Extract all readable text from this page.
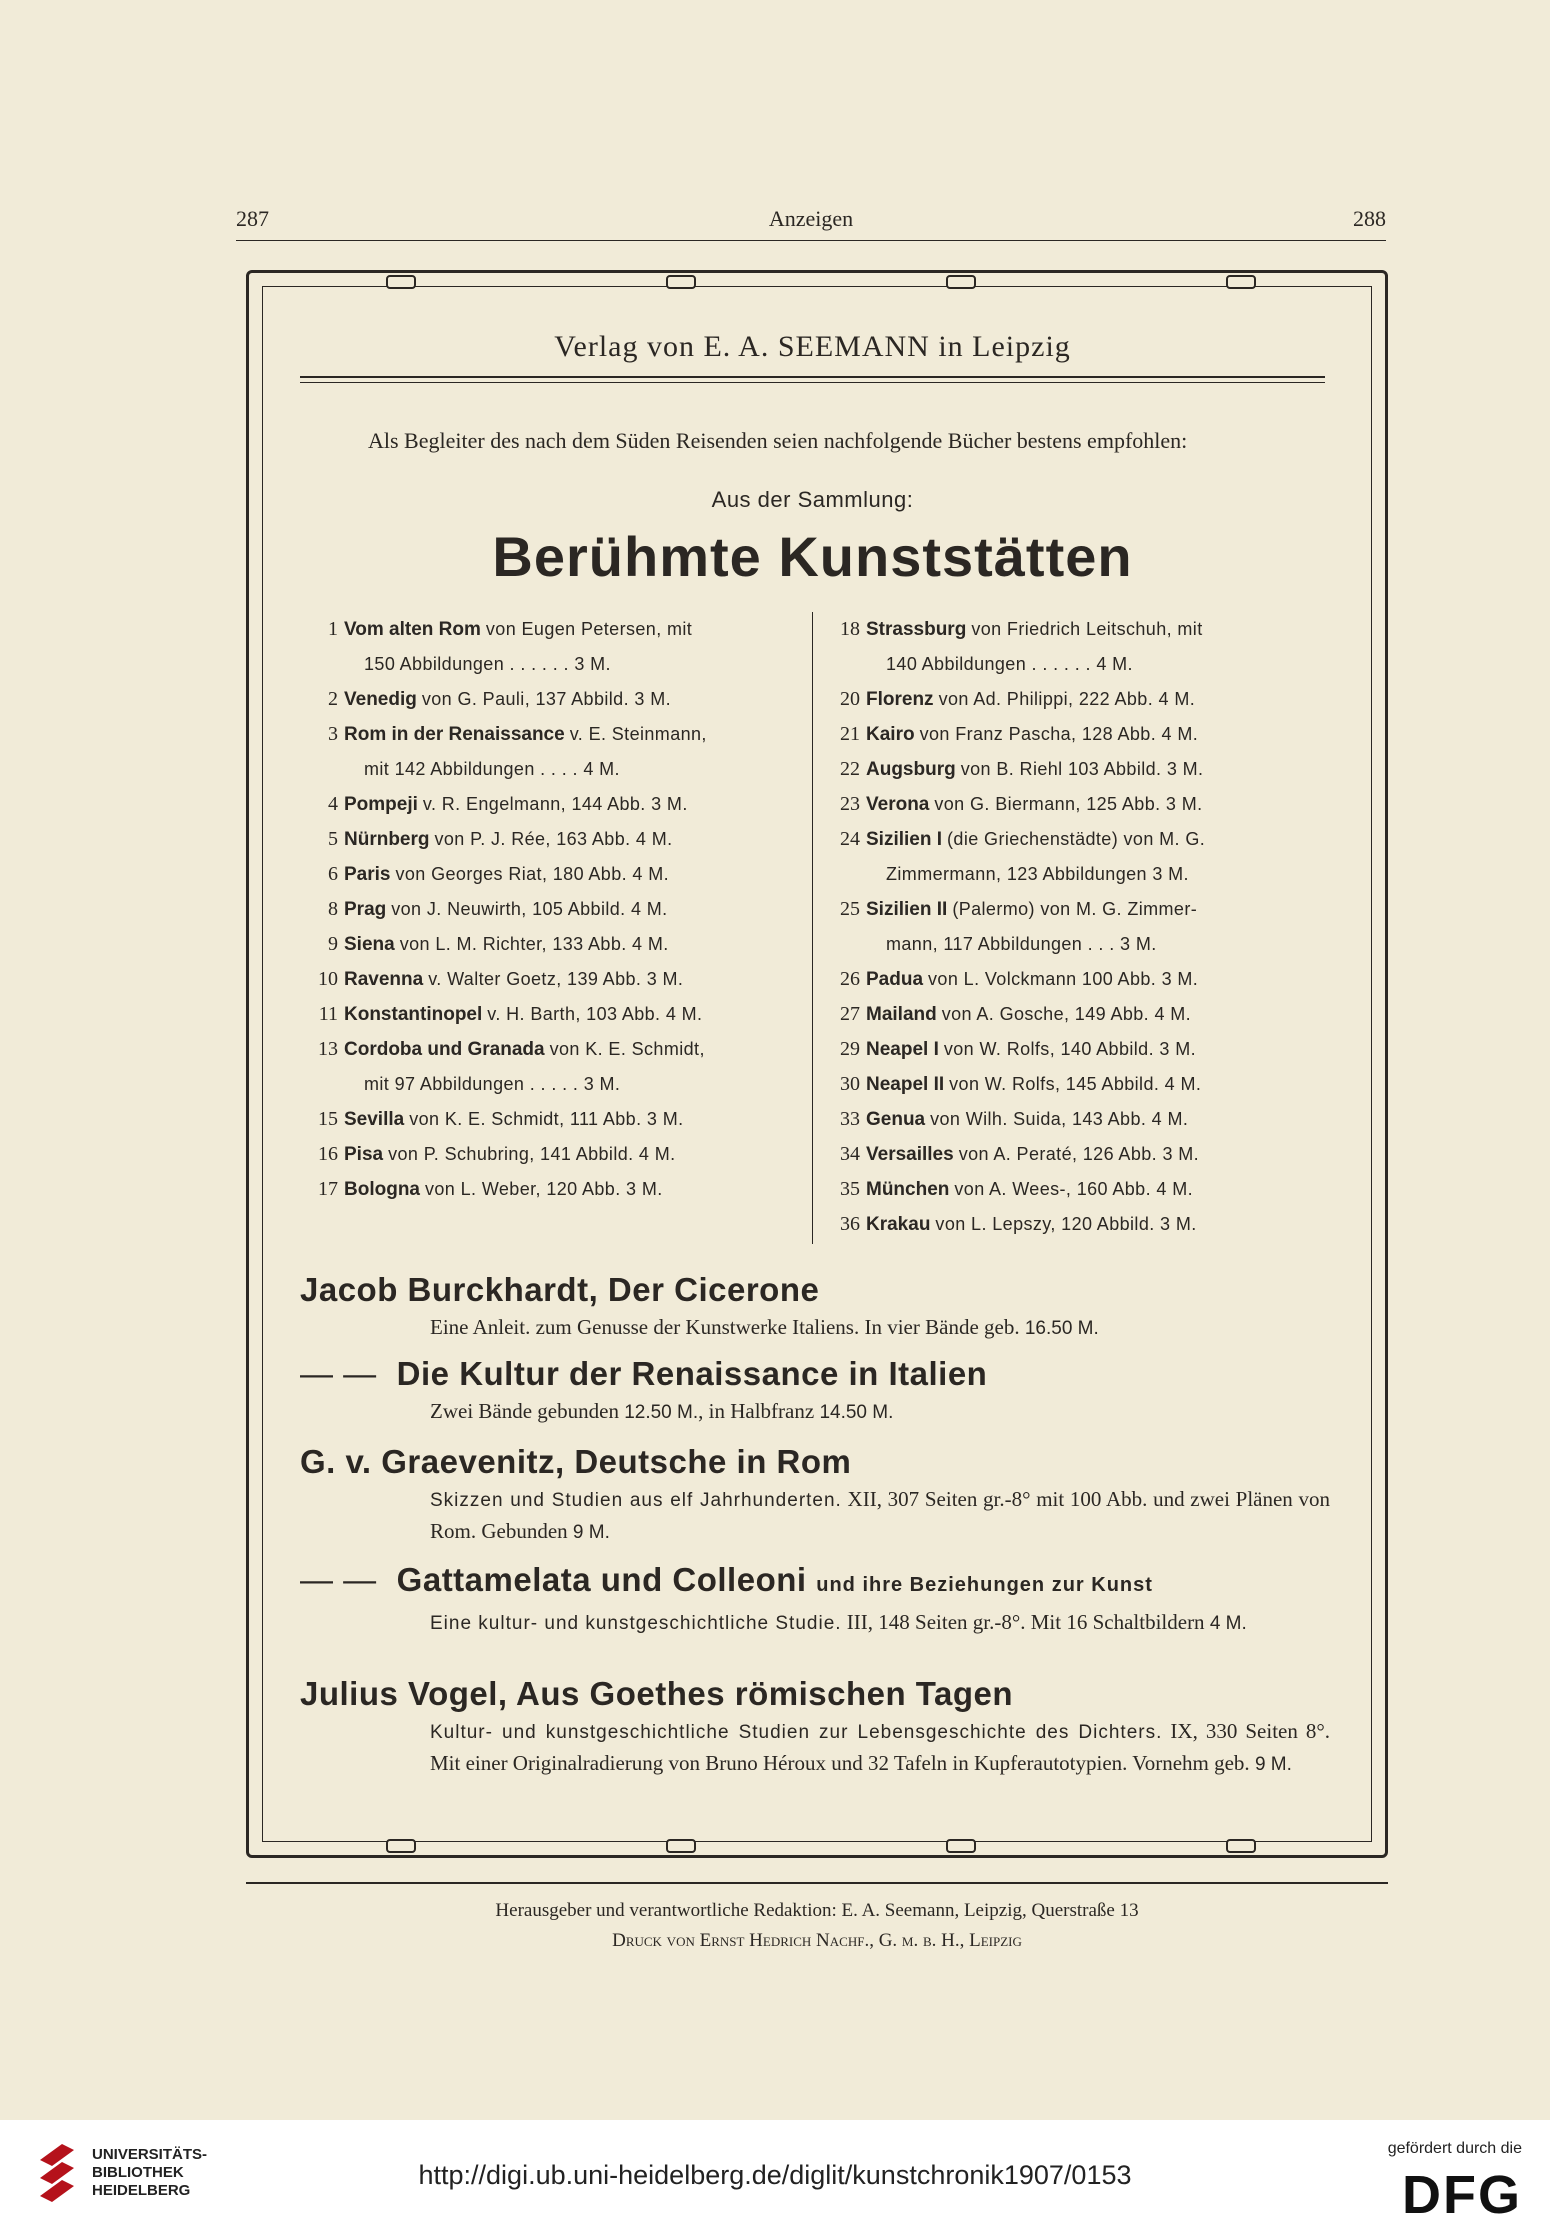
287	Anzeigen	288
Verlag von E. A. SEEMANN in Leipzig
Als Begleiter des nach dem Süden Reisenden seien nachfolgende Bücher bestens empfohlen:
Aus der Sammlung:
Berühmte Kunststätten
1 Vom alten Rom von Eugen Petersen, mit
150 Abbildungen . . . . . . 3 M.
2 Venedig von G. Pauli, 137 Abbild. 3 M.
3 Rom in der Renaissance v. E. Steinmann,
mit 142 Abbildungen . . . . 4 M.
4 Pompeji v. R. Engelmann, 144 Abb. 3 M.
5 Nürnberg von P. J. Rée, 163 Abb. 4 M.
6 Paris von Georges Riat, 180 Abb. 4 M.
8 Prag von J. Neuwirth, 105 Abbild. 4 M.
9 Siena von L. M. Richter, 133 Abb. 4 M.
10 Ravenna v. Walter Goetz, 139 Abb. 3 M.
11 Konstantinopel v. H. Barth, 103 Abb. 4 M.
13 Cordoba und Granada von K. E. Schmidt,
mit 97 Abbildungen . . . . . 3 M.
15 Sevilla von K. E. Schmidt, 111 Abb. 3 M.
16 Pisa von P. Schubring, 141 Abbild. 4 M.
17 Bologna von L. Weber, 120 Abb. 3 M.
18 Strassburg von Friedrich Leitschuh, mit
140 Abbildungen . . . . . . 4 M.
20 Florenz von Ad. Philippi, 222 Abb. 4 M.
21 Kairo von Franz Pascha, 128 Abb. 4 M.
22 Augsburg von B. Riehl 103 Abbild. 3 M.
23 Verona von G. Biermann, 125 Abb. 3 M.
24 Sizilien I (die Griechenstädte) von M. G.
Zimmermann, 123 Abbildungen 3 M.
25 Sizilien II (Palermo) von M. G. Zimmer-
mann, 117 Abbildungen . . . 3 M.
26 Padua von L. Volckmann 100 Abb. 3 M.
27 Mailand von A. Gosche, 149 Abb. 4 M.
29 Neapel I von W. Rolfs, 140 Abbild. 3 M.
30 Neapel II von W. Rolfs, 145 Abbild. 4 M.
33 Genua von Wilh. Suida, 143 Abb. 4 M.
34 Versailles von A. Peraté, 126 Abb. 3 M.
35 München von A. Wees-, 160 Abb. 4 M.
36 Krakau von L. Lepszy, 120 Abbild. 3 M.
Jacob Burckhardt, Der Cicerone
Eine Anleit. zum Genusse der Kunstwerke Italiens. In vier Bände geb. 16.50 M.
— — Die Kultur der Renaissance in Italien
Zwei Bände gebunden 12.50 M., in Halbfranz 14.50 M.
G. v. Graevenitz, Deutsche in Rom
Skizzen und Studien aus elf Jahrhunderten. XII, 307 Seiten gr.-8° mit 100 Abb. und zwei Plänen von Rom. Gebunden 9 M.
— — Gattamelata und Colleoni und ihre Beziehungen zur Kunst
Eine kultur- und kunstgeschichtliche Studie. III, 148 Seiten gr.-8°. Mit 16 Schaltbildern 4 M.
Julius Vogel, Aus Goethes römischen Tagen
Kultur- und kunstgeschichtliche Studien zur Lebensgeschichte des Dichters. IX, 330 Seiten 8°. Mit einer Originalradierung von Bruno Héroux und 32 Tafeln in Kupferautotypien. Vornehm geb. 9 M.
Herausgeber und verantwortliche Redaktion: E. A. Seemann, Leipzig, Querstraße 13
Druck von Ernst Hedrich Nachf., G. m. b. H., Leipzig
UNIVERSITÄTS-
BIBLIOTHEK
HEIDELBERG
http://digi.ub.uni-heidelberg.de/diglit/kunstchronik1907/0153
gefördert durch die
DFG
